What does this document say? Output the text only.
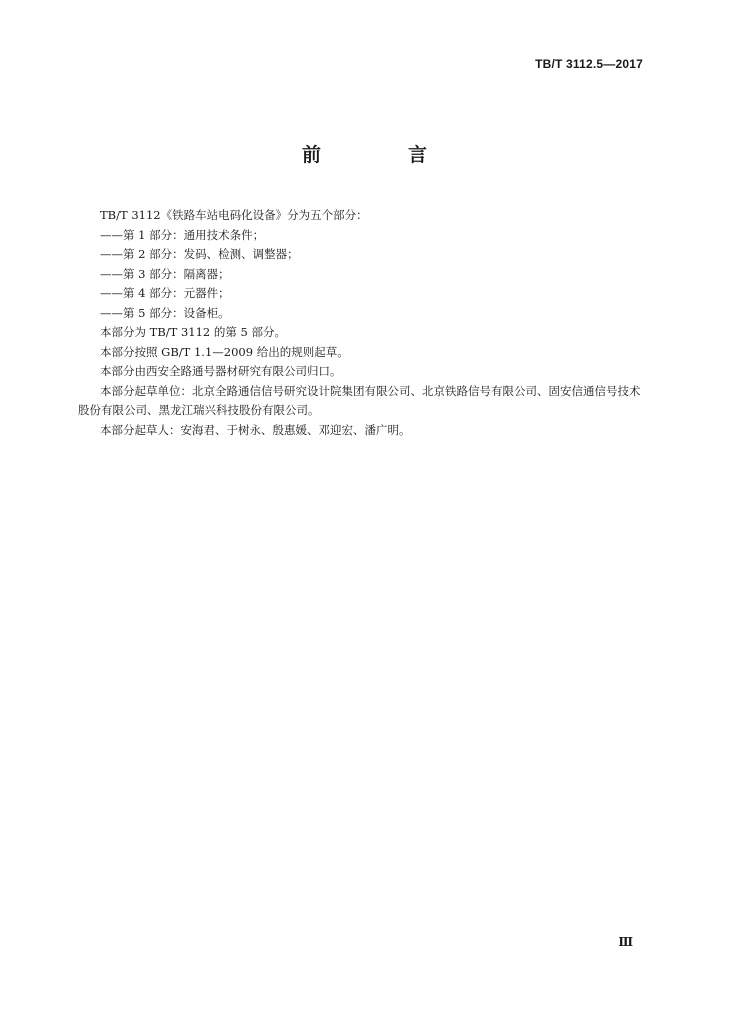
TB/T 3112.5—2017
前　言

TB/T 3112《铁路车站电码化设备》分为五个部分：

——第 1 部分：通用技术条件；

——第 2 部分：发码、检测、调整器；

——第 3 部分：隔离器；

——第 4 部分：元器件；

——第 5 部分：设备柜。

本部分为 TB/T 3112 的第 5 部分。

本部分按照 GB/T 1.1—2009 给出的规则起草。

本部分由西安全路通号器材研究有限公司归口。

本部分起草单位：北京全路通信信号研究设计院集团有限公司、北京铁路信号有限公司、固安信通信号技术股份有限公司、黑龙江瑞兴科技股份有限公司。

本部分起草人：安海君、于树永、殷惠媛、邓迎宏、潘广明。

Ⅲ
